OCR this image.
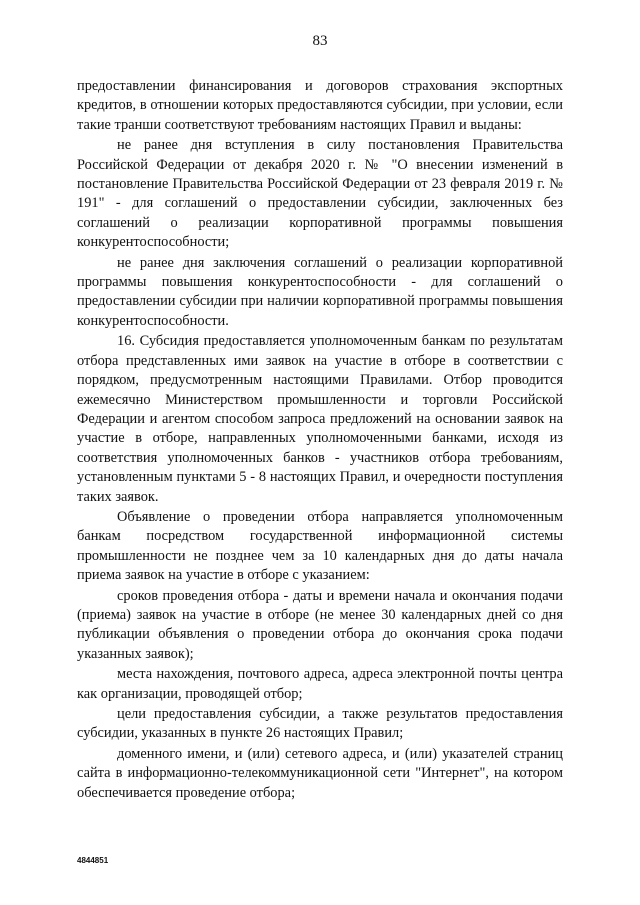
83

предоставлении финансирования и договоров страхования экспортных кредитов, в отношении которых предоставляются субсидии, при условии, если такие транши соответствуют требованиям настоящих Правил и выданы:

не ранее дня вступления в силу постановления Правительства Российской Федерации от декабря 2020 г. № "О внесении изменений в постановление Правительства Российской Федерации от 23 февраля 2019 г. № 191" - для соглашений о предоставлении субсидии, заключенных без соглашений о реализации корпоративной программы повышения конкурентоспособности;

не ранее дня заключения соглашений о реализации корпоративной программы повышения конкурентоспособности - для соглашений о предоставлении субсидии при наличии корпоративной программы повышения конкурентоспособности.

16. Субсидия предоставляется уполномоченным банкам по результатам отбора представленных ими заявок на участие в отборе в соответствии с порядком, предусмотренным настоящими Правилами. Отбор проводится ежемесячно Министерством промышленности и торговли Российской Федерации и агентом способом запроса предложений на основании заявок на участие в отборе, направленных уполномоченными банками, исходя из соответствия уполномоченных банков - участников отбора требованиям, установленным пунктами 5 - 8 настоящих Правил, и очередности поступления таких заявок.

Объявление о проведении отбора направляется уполномоченным банкам посредством государственной информационной системы промышленности не позднее чем за 10 календарных дня до даты начала приема заявок на участие в отборе с указанием:

сроков проведения отбора - даты и времени начала и окончания подачи (приема) заявок на участие в отборе (не менее 30 календарных дней со дня публикации объявления о проведении отбора до окончания срока подачи указанных заявок);

места нахождения, почтового адреса, адреса электронной почты центра как организации, проводящей отбор;

цели предоставления субсидии, а также результатов предоставления субсидии, указанных в пункте 26 настоящих Правил;

доменного имени, и (или) сетевого адреса, и (или) указателей страниц сайта в информационно-телекоммуникационной сети "Интернет", на котором обеспечивается проведение отбора;

4844851
